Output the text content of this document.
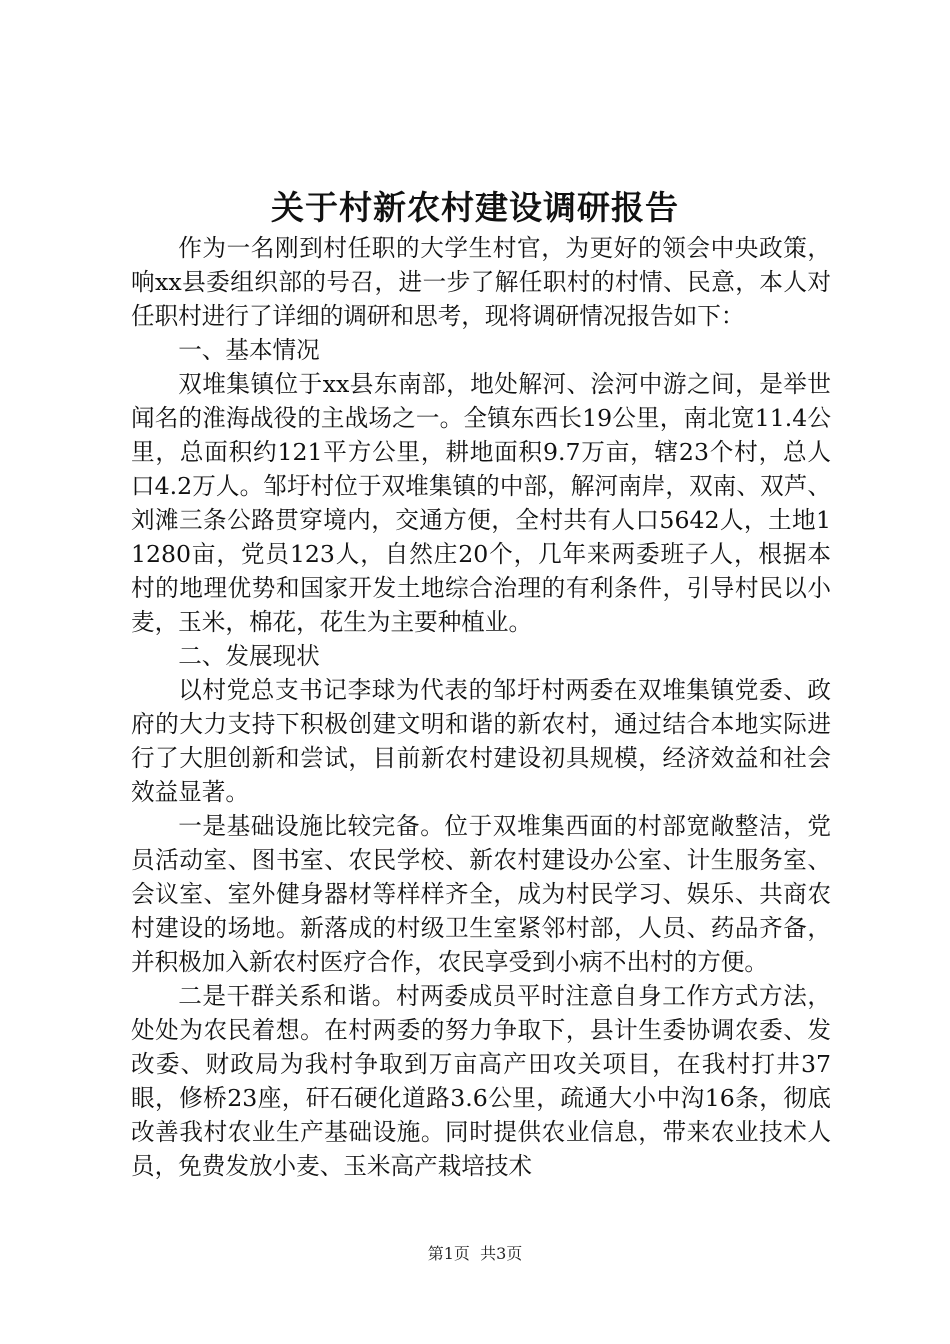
关于村新农村建设调研报告

作为一名刚到村任职的大学生村官，为更好的领会中央政策，响xx县委组织部的号召，进一步了解任职村的村情、民意，本人对任职村进行了详细的调研和思考，现将调研情况报告如下：

一、基本情况

双堆集镇位于xx县东南部，地处解河、浍河中游之间，是举世闻名的淮海战役的主战场之一。全镇东西长19公里，南北宽11.4公里，总面积约121平方公里，耕地面积9.7万亩，辖23个村，总人口4.2万人。邹圩村位于双堆集镇的中部，解河南岸，双南、双芦、刘滩三条公路贯穿境内，交通方便，全村共有人口5642人，土地11280亩，党员123人，自然庄20个，几年来两委班子人，根据本村的地理优势和国家开发土地综合治理的有利条件，引导村民以小麦，玉米，棉花，花生为主要种植业。

二、发展现状

以村党总支书记李球为代表的邹圩村两委在双堆集镇党委、政府的大力支持下积极创建文明和谐的新农村，通过结合本地实际进行了大胆创新和尝试，目前新农村建设初具规模，经济效益和社会效益显著。

一是基础设施比较完备。位于双堆集西面的村部宽敞整洁，党员活动室、图书室、农民学校、新农村建设办公室、计生服务室、会议室、室外健身器材等样样齐全，成为村民学习、娱乐、共商农村建设的场地。新落成的村级卫生室紧邻村部，人员、药品齐备，并积极加入新农村医疗合作，农民享受到小病不出村的方便。

二是干群关系和谐。村两委成员平时注意自身工作方式方法，处处为农民着想。在村两委的努力争取下，县计生委协调农委、发改委、财政局为我村争取到万亩高产田攻关项目，在我村打井37眼，修桥23座，矸石硬化道路3.6公里，疏通大小中沟16条，彻底改善我村农业生产基础设施。同时提供农业信息，带来农业技术人员，免费发放小麦、玉米高产栽培技术

第1页 共3页
